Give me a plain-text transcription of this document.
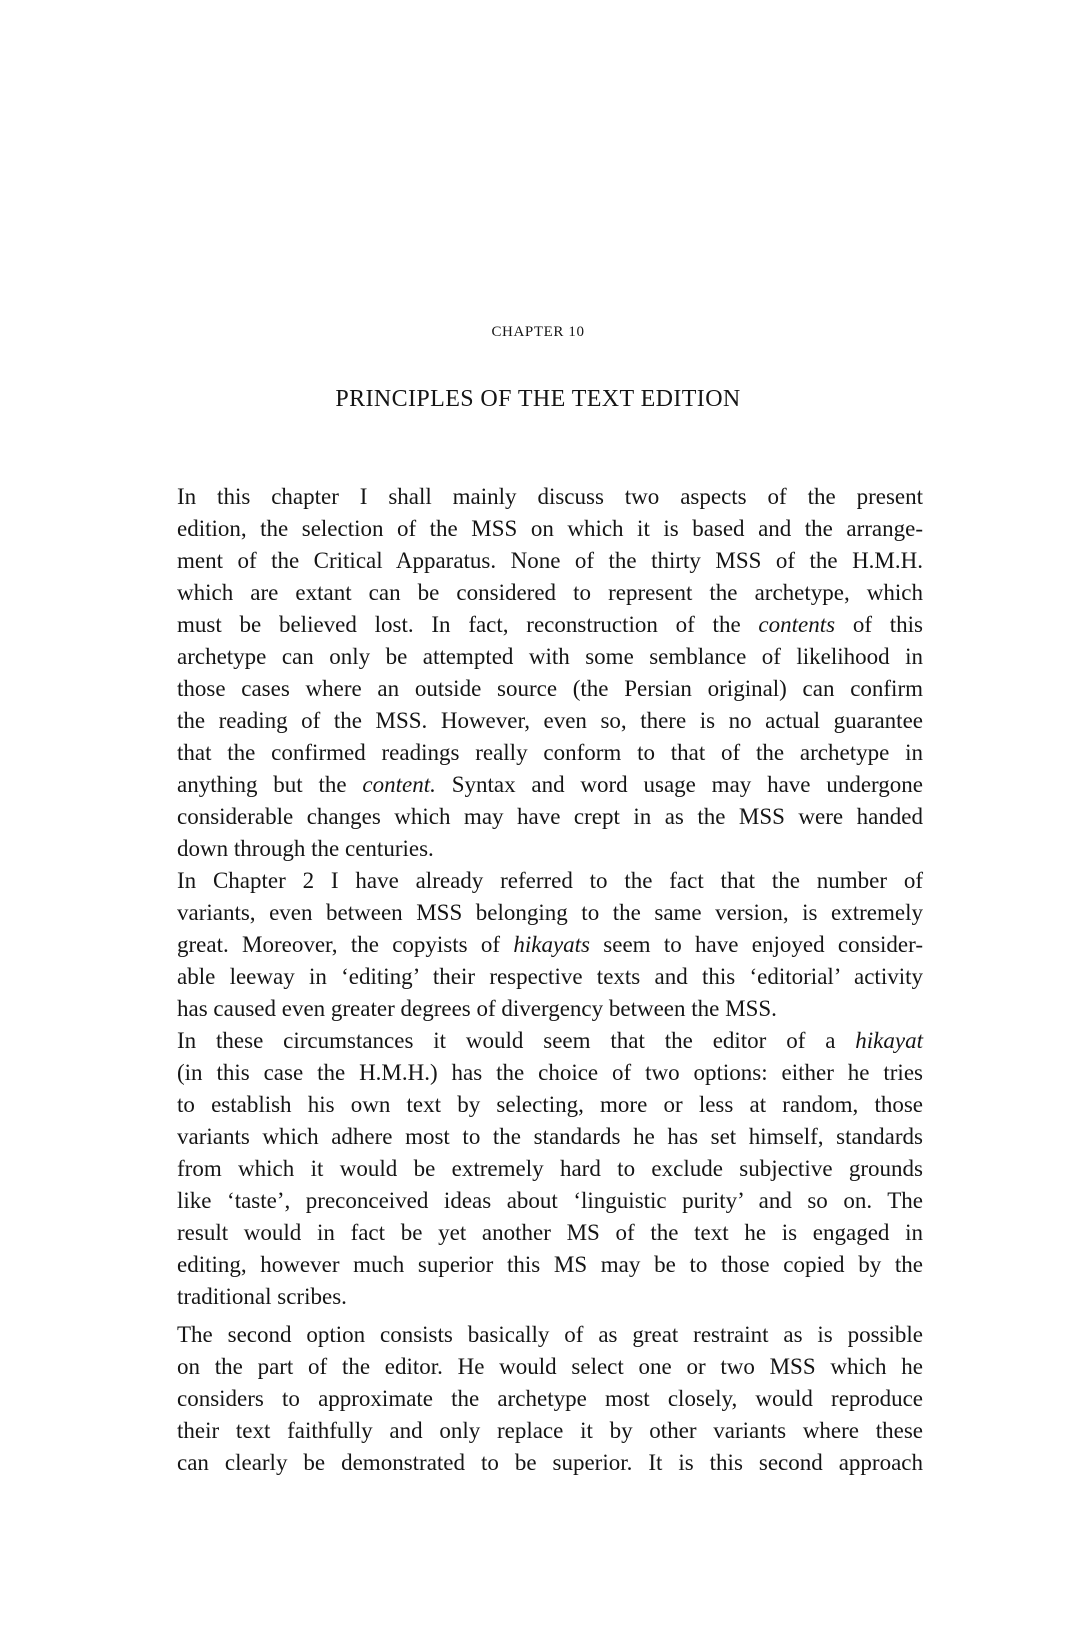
CHAPTER 10
PRINCIPLES OF THE TEXT EDITION
In this chapter I shall mainly discuss two aspects of the present
edition, the selection of the MSS on which it is based and the arrange-
ment of the Critical Apparatus. None of the thirty MSS of the H.M.H.
which are extant can be considered to represent the archetype, which
must be believed lost. In fact, reconstruction of the contents of this
archetype can only be attempted with some semblance of likelihood in
those cases where an outside source (the Persian original) can confirm
the reading of the MSS. However, even so, there is no actual guarantee
that the confirmed readings really conform to that of the archetype in
anything but the content. Syntax and word usage may have undergone
considerable changes which may have crept in as the MSS were handed
down through the centuries.
In Chapter 2 I have already referred to the fact that the number of
variants, even between MSS belonging to the same version, is extremely
great. Moreover, the copyists of hikayats seem to have enjoyed consider-
able leeway in ‘editing’ their respective texts and this ‘editorial’ activity
has caused even greater degrees of divergency between the MSS.
In these circumstances it would seem that the editor of a hikayat
(in this case the H.M.H.) has the choice of two options: either he tries
to establish his own text by selecting, more or less at random, those
variants which adhere most to the standards he has set himself, standards
from which it would be extremely hard to exclude subjective grounds
like ‘taste’, preconceived ideas about ‘linguistic purity’ and so on. The
result would in fact be yet another MS of the text he is engaged in
editing, however much superior this MS may be to those copied by the
traditional scribes.
The second option consists basically of as great restraint as is possible
on the part of the editor. He would select one or two MSS which he
considers to approximate the archetype most closely, would reproduce
their text faithfully and only replace it by other variants where these
can clearly be demonstrated to be superior. It is this second approach
